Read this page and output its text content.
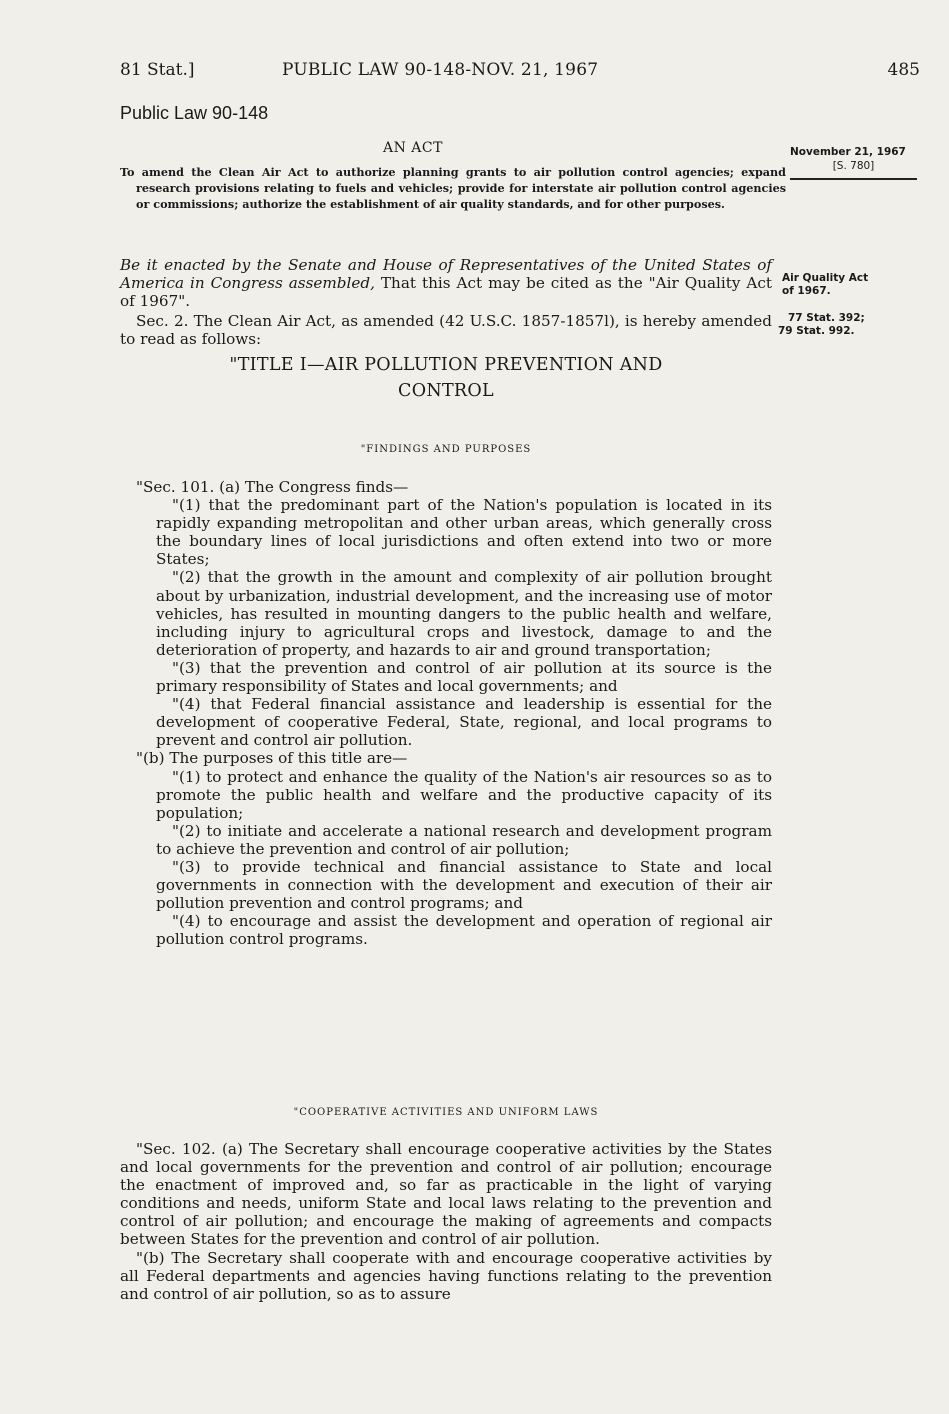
81 Stat.]	PUBLIC LAW 90-148-NOV. 21, 1967	485
Public Law 90-148
AN ACT	November 21, 1967
[S. 780]
To amend the Clean Air Act to authorize planning grants to air pollution control agencies; expand research provisions relating to fuels and vehicles; provide for interstate air pollution control agencies or commissions; authorize the establishment of air quality standards, and for other purposes.
Be it enacted by the Senate and House of Representatives of the United States of America in Congress assembled, That this Act may be cited as the "Air Quality Act of 1967".
Sec. 2. The Clean Air Act, as amended (42 U.S.C. 1857-1857l), is hereby amended to read as follows:
Air Quality Act
of 1967.
77 Stat. 392;
79 Stat. 992.
"TITLE I—AIR POLLUTION PREVENTION AND
CONTROL
"FINDINGS AND PURPOSES

"Sec. 101. (a) The Congress finds—

"(1) that the predominant part of the Nation's population is located in its rapidly expanding metropolitan and other urban areas, which generally cross the boundary lines of local jurisdictions and often extend into two or more States;

"(2) that the growth in the amount and complexity of air pollution brought about by urbanization, industrial development, and the increasing use of motor vehicles, has resulted in mounting dangers to the public health and welfare, including injury to agricultural crops and livestock, damage to and the deterioration of property, and hazards to air and ground transportation;

"(3) that the prevention and control of air pollution at its source is the primary responsibility of States and local governments; and

"(4) that Federal financial assistance and leadership is essential for the development of cooperative Federal, State, regional, and local programs to prevent and control air pollution.

"(b) The purposes of this title are—

"(1) to protect and enhance the quality of the Nation's air resources so as to promote the public health and welfare and the productive capacity of its population;

"(2) to initiate and accelerate a national research and development program to achieve the prevention and control of air pollution;

"(3) to provide technical and financial assistance to State and local governments in connection with the development and execution of their air pollution prevention and control programs; and

"(4) to encourage and assist the development and operation of regional air pollution control programs.

"COOPERATIVE ACTIVITIES AND UNIFORM LAWS

"Sec. 102. (a) The Secretary shall encourage cooperative activities by the States and local governments for the prevention and control of air pollution; encourage the enactment of improved and, so far as practicable in the light of varying conditions and needs, uniform State and local laws relating to the prevention and control of air pollution; and encourage the making of agreements and compacts between States for the prevention and control of air pollution.

"(b) The Secretary shall cooperate with and encourage cooperative activities by all Federal departments and agencies having functions relating to the prevention and control of air pollution, so as to assure
